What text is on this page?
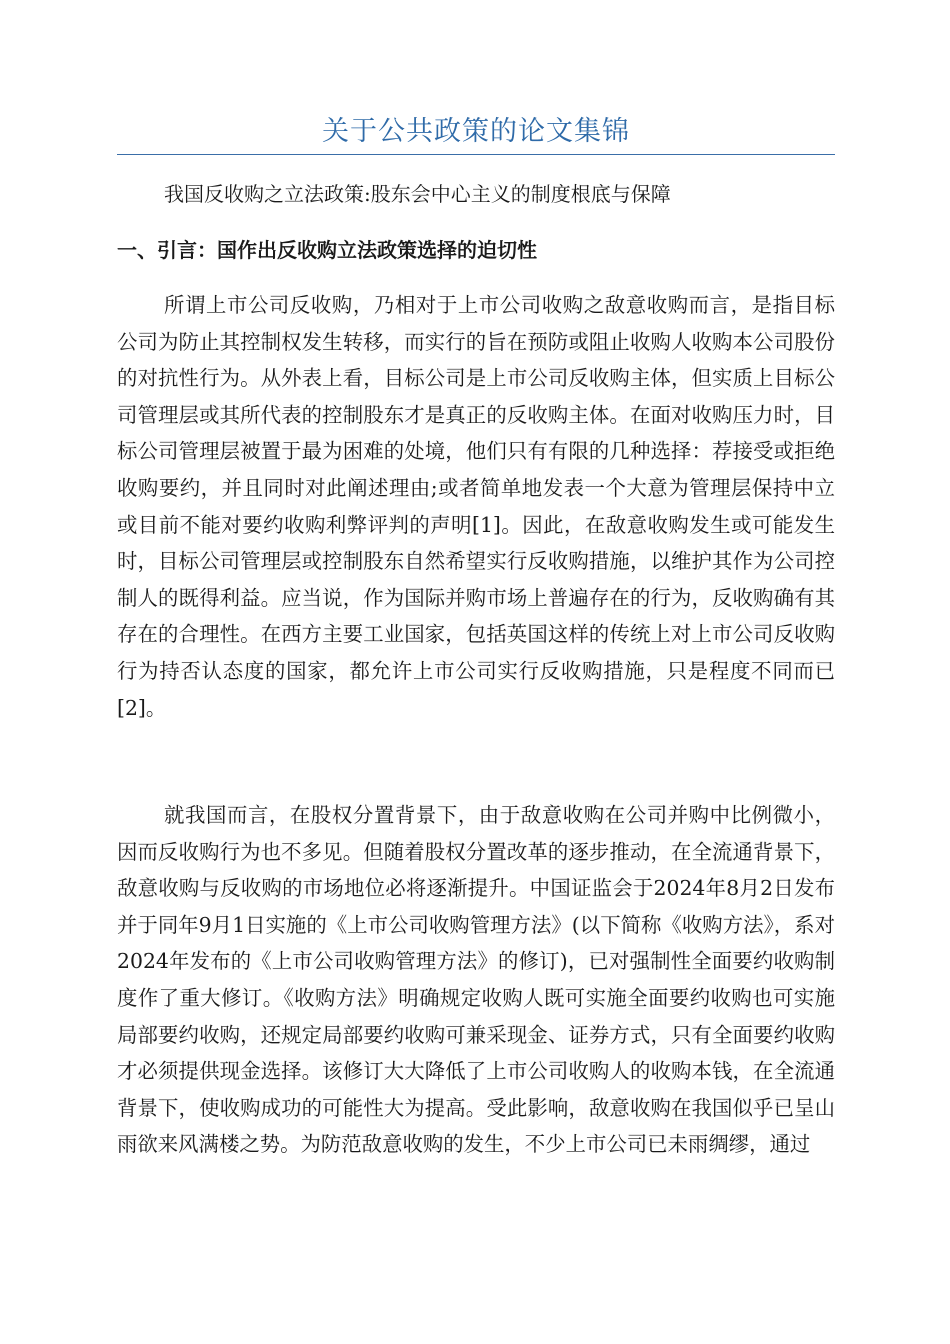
关于公共政策的论文集锦

我国反收购之立法政策:股东会中心主义的制度根底与保障

一、引言：国作出反收购立法政策选择的迫切性

所谓上市公司反收购，乃相对于上市公司收购之敌意收购而言，是指目标公司为防止其控制权发生转移，而实行的旨在预防或阻止收购人收购本公司股份的对抗性行为。从外表上看，目标公司是上市公司反收购主体，但实质上目标公司管理层或其所代表的控制股东才是真正的反收购主体。在面对收购压力时，目标公司管理层被置于最为困难的处境，他们只有有限的几种选择：荐接受或拒绝收购要约，并且同时对此阐述理由;或者简单地发表一个大意为管理层保持中立或目前不能对要约收购利弊评判的声明[1]。因此，在敌意收购发生或可能发生时，目标公司管理层或控制股东自然希望实行反收购措施，以维护其作为公司控制人的既得利益。应当说，作为国际并购市场上普遍存在的行为，反收购确有其存在的合理性。在西方主要工业国家，包括英国这样的传统上对上市公司反收购行为持否认态度的国家，都允许上市公司实行反收购措施，只是程度不同而已[2]。

就我国而言，在股权分置背景下，由于敌意收购在公司并购中比例微小，因而反收购行为也不多见。但随着股权分置改革的逐步推动，在全流通背景下，敌意收购与反收购的市场地位必将逐渐提升。中国证监会于2024年8月2日发布并于同年9月1日实施的《上市公司收购管理方法》(以下简称《收购方法》，系对2024年发布的《上市公司收购管理方法》的修订)，已对强制性全面要约收购制度作了重大修订。《收购方法》明确规定收购人既可实施全面要约收购也可实施局部要约收购，还规定局部要约收购可兼采现金、证券方式，只有全面要约收购才必须提供现金选择。该修订大大降低了上市公司收购人的收购本钱，在全流通背景下，使收购成功的可能性大为提高。受此影响，敌意收购在我国似乎已呈山雨欲来风满楼之势。为防范敌意收购的发生，不少上市公司已未雨绸缪，通过
